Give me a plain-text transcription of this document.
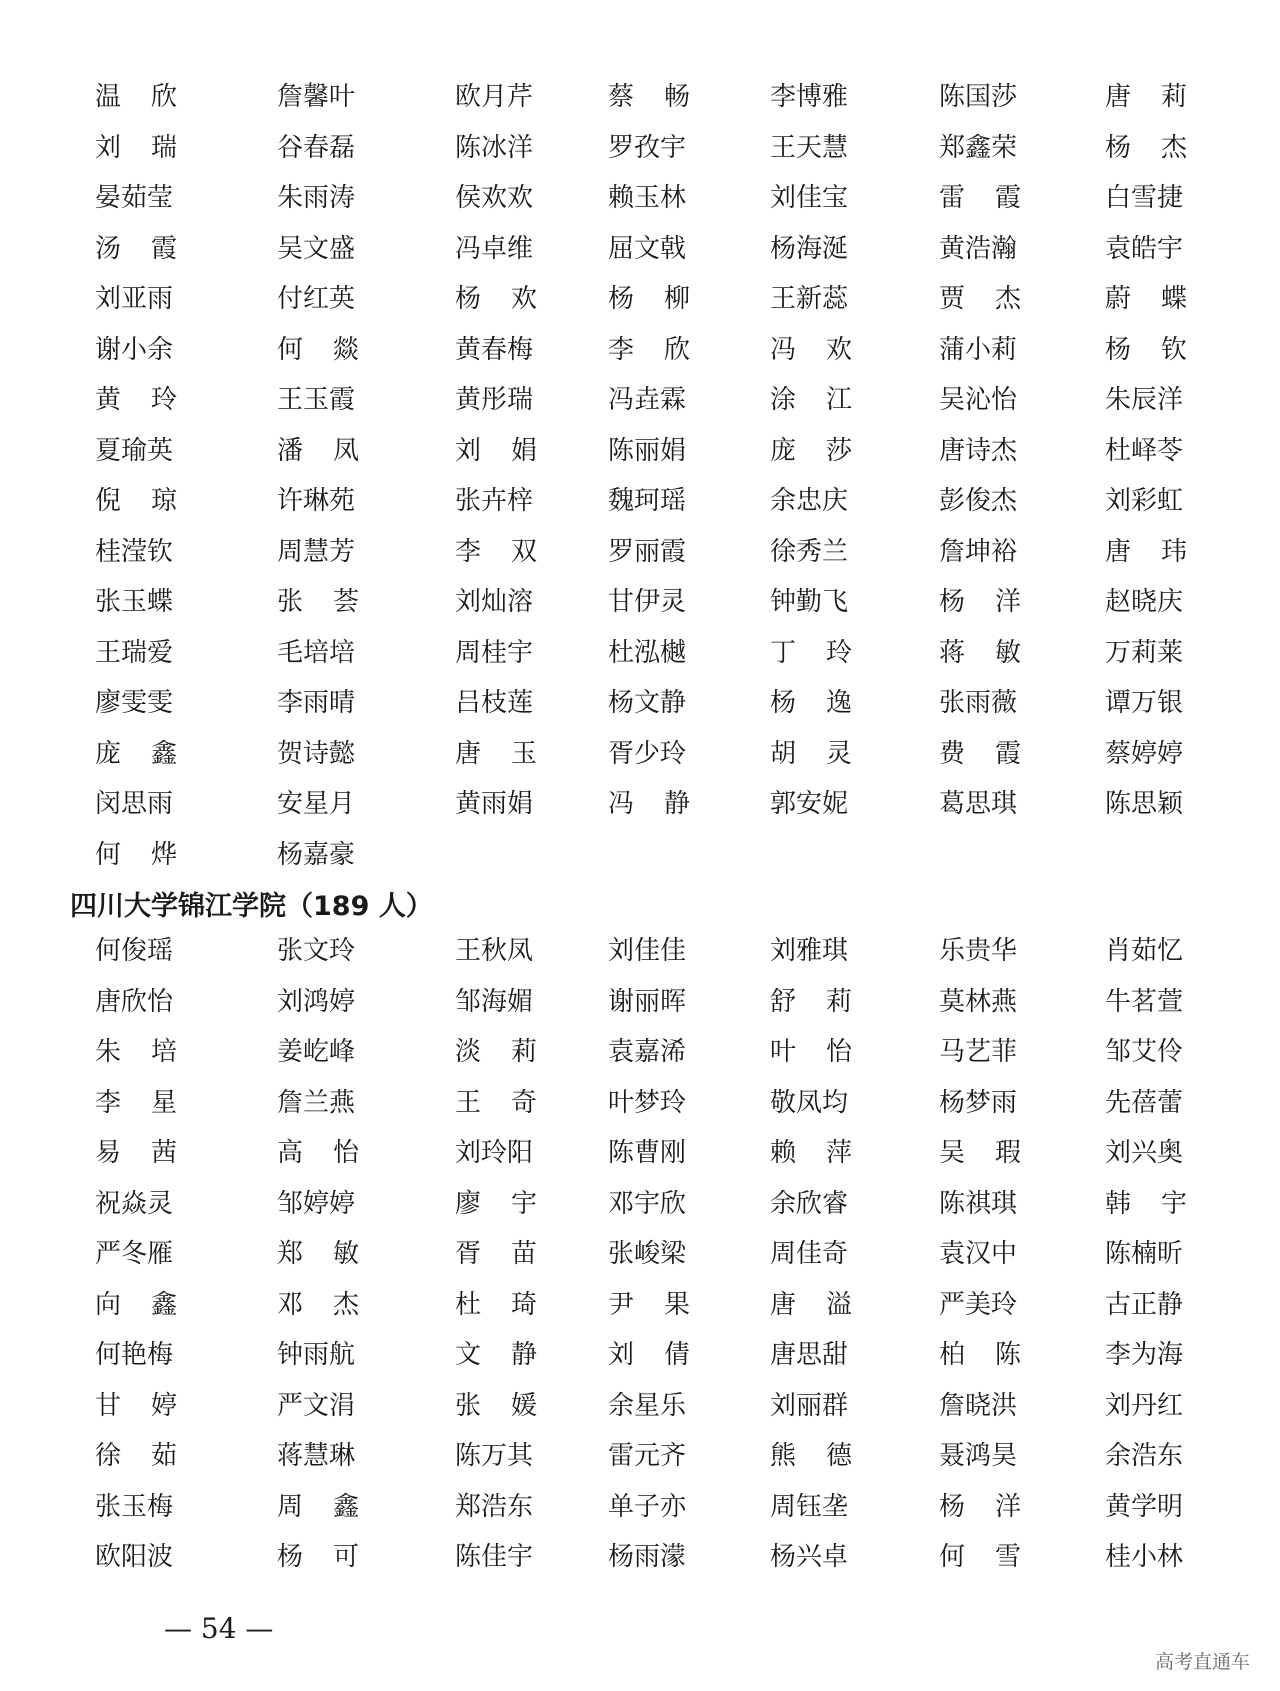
温 欣	詹馨叶	欧月芹	蔡 畅	李博雅	陈国莎	唐 莉
刘 瑞	谷春磊	陈冰洋	罗孜宇	王天慧	郑鑫荣	杨 杰
晏茹莹	朱雨涛	侯欢欢	赖玉林	刘佳宝	雷 霞	白雪捷
汤 霞	吴文盛	冯卓维	屈文戟	杨海涎	黄浩瀚	袁皓宇
刘亚雨	付红英	杨 欢	杨 柳	王新蕊	贾 杰	蔚 蝶
谢小余	何 燚	黄春梅	李 欣	冯 欢	蒲小莉	杨 钦
黄 玲	王玉霞	黄彤瑞	冯垚霖	涂 江	吴沁怡	朱辰洋
夏瑜英	潘 凤	刘 娟	陈丽娟	庞 莎	唐诗杰	杜峄苓
倪 琼	许琳苑	张卉梓	魏珂瑶	余忠庆	彭俊杰	刘彩虹
桂滢钦	周慧芳	李 双	罗丽霞	徐秀兰	詹坤裕	唐 玮
张玉蝶	张 荟	刘灿溶	甘伊灵	钟勤飞	杨 洋	赵晓庆
王瑞爱	毛培培	周桂宇	杜泓樾	丁 玲	蒋 敏	万莉莱
廖雯雯	李雨晴	吕枝莲	杨文静	杨 逸	张雨薇	谭万银
庞 鑫	贺诗懿	唐 玉	胥少玲	胡 灵	费 霞	蔡婷婷
闵思雨	安星月	黄雨娟	冯 静	郭安妮	葛思琪	陈思颖
何 烨	杨嘉豪
四川大学锦江学院（189 人）
何俊瑶	张文玲	王秋凤	刘佳佳	刘雅琪	乐贵华	肖茹忆
唐欣怡	刘鸿婷	邹海媚	谢丽晖	舒 莉	莫林燕	牛茗萱
朱 培	姜屹峰	淡 莉	袁嘉浠	叶 怡	马艺菲	邹艾伶
李 星	詹兰燕	王 奇	叶梦玲	敬凤均	杨梦雨	先蓓蕾
易 茜	高 怡	刘玲阳	陈曹刚	赖 萍	吴 瑕	刘兴奥
祝焱灵	邹婷婷	廖 宇	邓宇欣	余欣睿	陈祺琪	韩 宇
严冬雁	郑 敏	胥 苗	张峻梁	周佳奇	袁汉中	陈楠昕
向 鑫	邓 杰	杜 琦	尹 果	唐 溢	严美玲	古正静
何艳梅	钟雨航	文 静	刘 倩	唐思甜	柏 陈	李为海
甘 婷	严文涓	张 媛	余星乐	刘丽群	詹晓洪	刘丹红
徐 茹	蒋慧琳	陈万其	雷元齐	熊 德	聂鸿昊	余浩东
张玉梅	周 鑫	郑浩东	单子亦	周钰垄	杨 洋	黄学明
欧阳波	杨 可	陈佳宇	杨雨濛	杨兴卓	何 雪	桂小林
— 54 —
高考直通车
